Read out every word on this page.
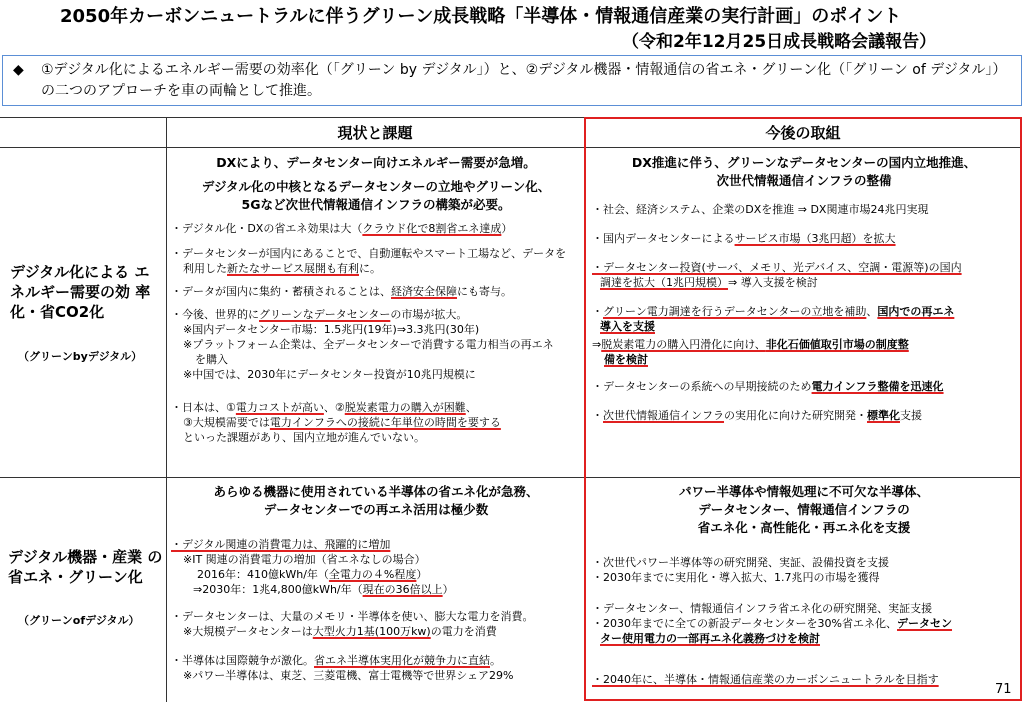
2050年カーボンニュートラルに伴うグリーン成長戦略「半導体・情報通信産業の実行計画」のポイント
（令和2年12月25日成長戦略会議報告）
◆ ①デジタル化によるエネルギー需要の効率化（「グリーン by デジタル」）と、②デジタル機器・情報通信の省エネ・グリーン化（「グリーン of デジタル」）の二つのアプローチを車の両輪として推進。
現状と課題	今後の取組
デジタル化による エネルギー需要の効 率化・省CO2化
（グリーンbyデジタル）
DXにより、データセンター向けエネルギー需要が急増。
デジタル化の中核となるデータセンターの立地やグリーン化、
5Gなど次世代情報通信インフラの構築が必要。
・デジタル化・DXの省エネ効果は大（クラウド化で8割省エネ達成）
・データセンターが国内にあることで、自動運転やスマート工場など、データを
利用した新たなサービス展開も有利に。
・データが国内に集約・蓄積されることは、経済安全保障にも寄与。
・今後、世界的にグリーンなデータセンターの市場が拡大。
※国内データセンター市場：1.5兆円(19年)⇒3.3兆円(30年)
※プラットフォーム企業は、全データセンターで消費する電力相当の再エネ
を購入
※中国では、2030年にデータセンター投資が10兆円規模に
・日本は、①電力コストが高い、②脱炭素電力の購入が困難、
③大規模需要では電力インフラへの接続に年単位の時間を要する
といった課題があり、国内立地が進んでいない。
DX推進に伴う、グリーンなデータセンターの国内立地推進、
次世代情報通信インフラの整備
・社会、経済システム、企業のDXを推進 ⇒ DX関連市場24兆円実現
・国内データセンターによるサービス市場（3兆円超）を拡大
・データセンター投資(サーバ、メモリ、光デバイス、空調・電源等)の国内
調達を拡大（1兆円規模）⇒ 導入支援を検討
・グリーン電力調達を行うデータセンターの立地を補助、国内での再エネ
導入を支援
⇒脱炭素電力の購入円滑化に向け、非化石価値取引市場の制度整
備を検討
・データセンターの系統への早期接続のため電力インフラ整備を迅速化
・次世代情報通信インフラの実用化に向けた研究開発・標準化支援
デジタル機器・産業 の省エネ・グリーン化
（グリーンofデジタル）
あらゆる機器に使用されている半導体の省エネ化が急務、
データセンターでの再エネ活用は極少数
・デジタル関連の消費電力は、飛躍的に増加
※IT 関連の消費電力の増加（省エネなしの場合）
2016年：410億kWh/年（全電力の４%程度）
⇒2030年：1兆4,800億kWh/年（現在の36倍以上）
・データセンターは、大量のメモリ・半導体を使い、膨大な電力を消費。
※大規模データセンターは大型火力1基(100万kw)の電力を消費
・半導体は国際競争が激化。省エネ半導体実用化が競争力に直結。
※パワー半導体は、東芝、三菱電機、富士電機等で世界シェア29%
パワー半導体や情報処理に不可欠な半導体、
データセンター、情報通信インフラの
省エネ化・高性能化・再エネ化を支援
・次世代パワー半導体等の研究開発、実証、設備投資を支援
・2030年までに実用化・導入拡大、1.7兆円の市場を獲得
・データセンター、情報通信インフラ省エネ化の研究開発、実証支援
・2030年までに全ての新設データセンターを30%省エネ化、データセン
ター使用電力の一部再エネ化義務づけを検討
・2040年に、半導体・情報通信産業のカーボンニュートラルを目指す
71
